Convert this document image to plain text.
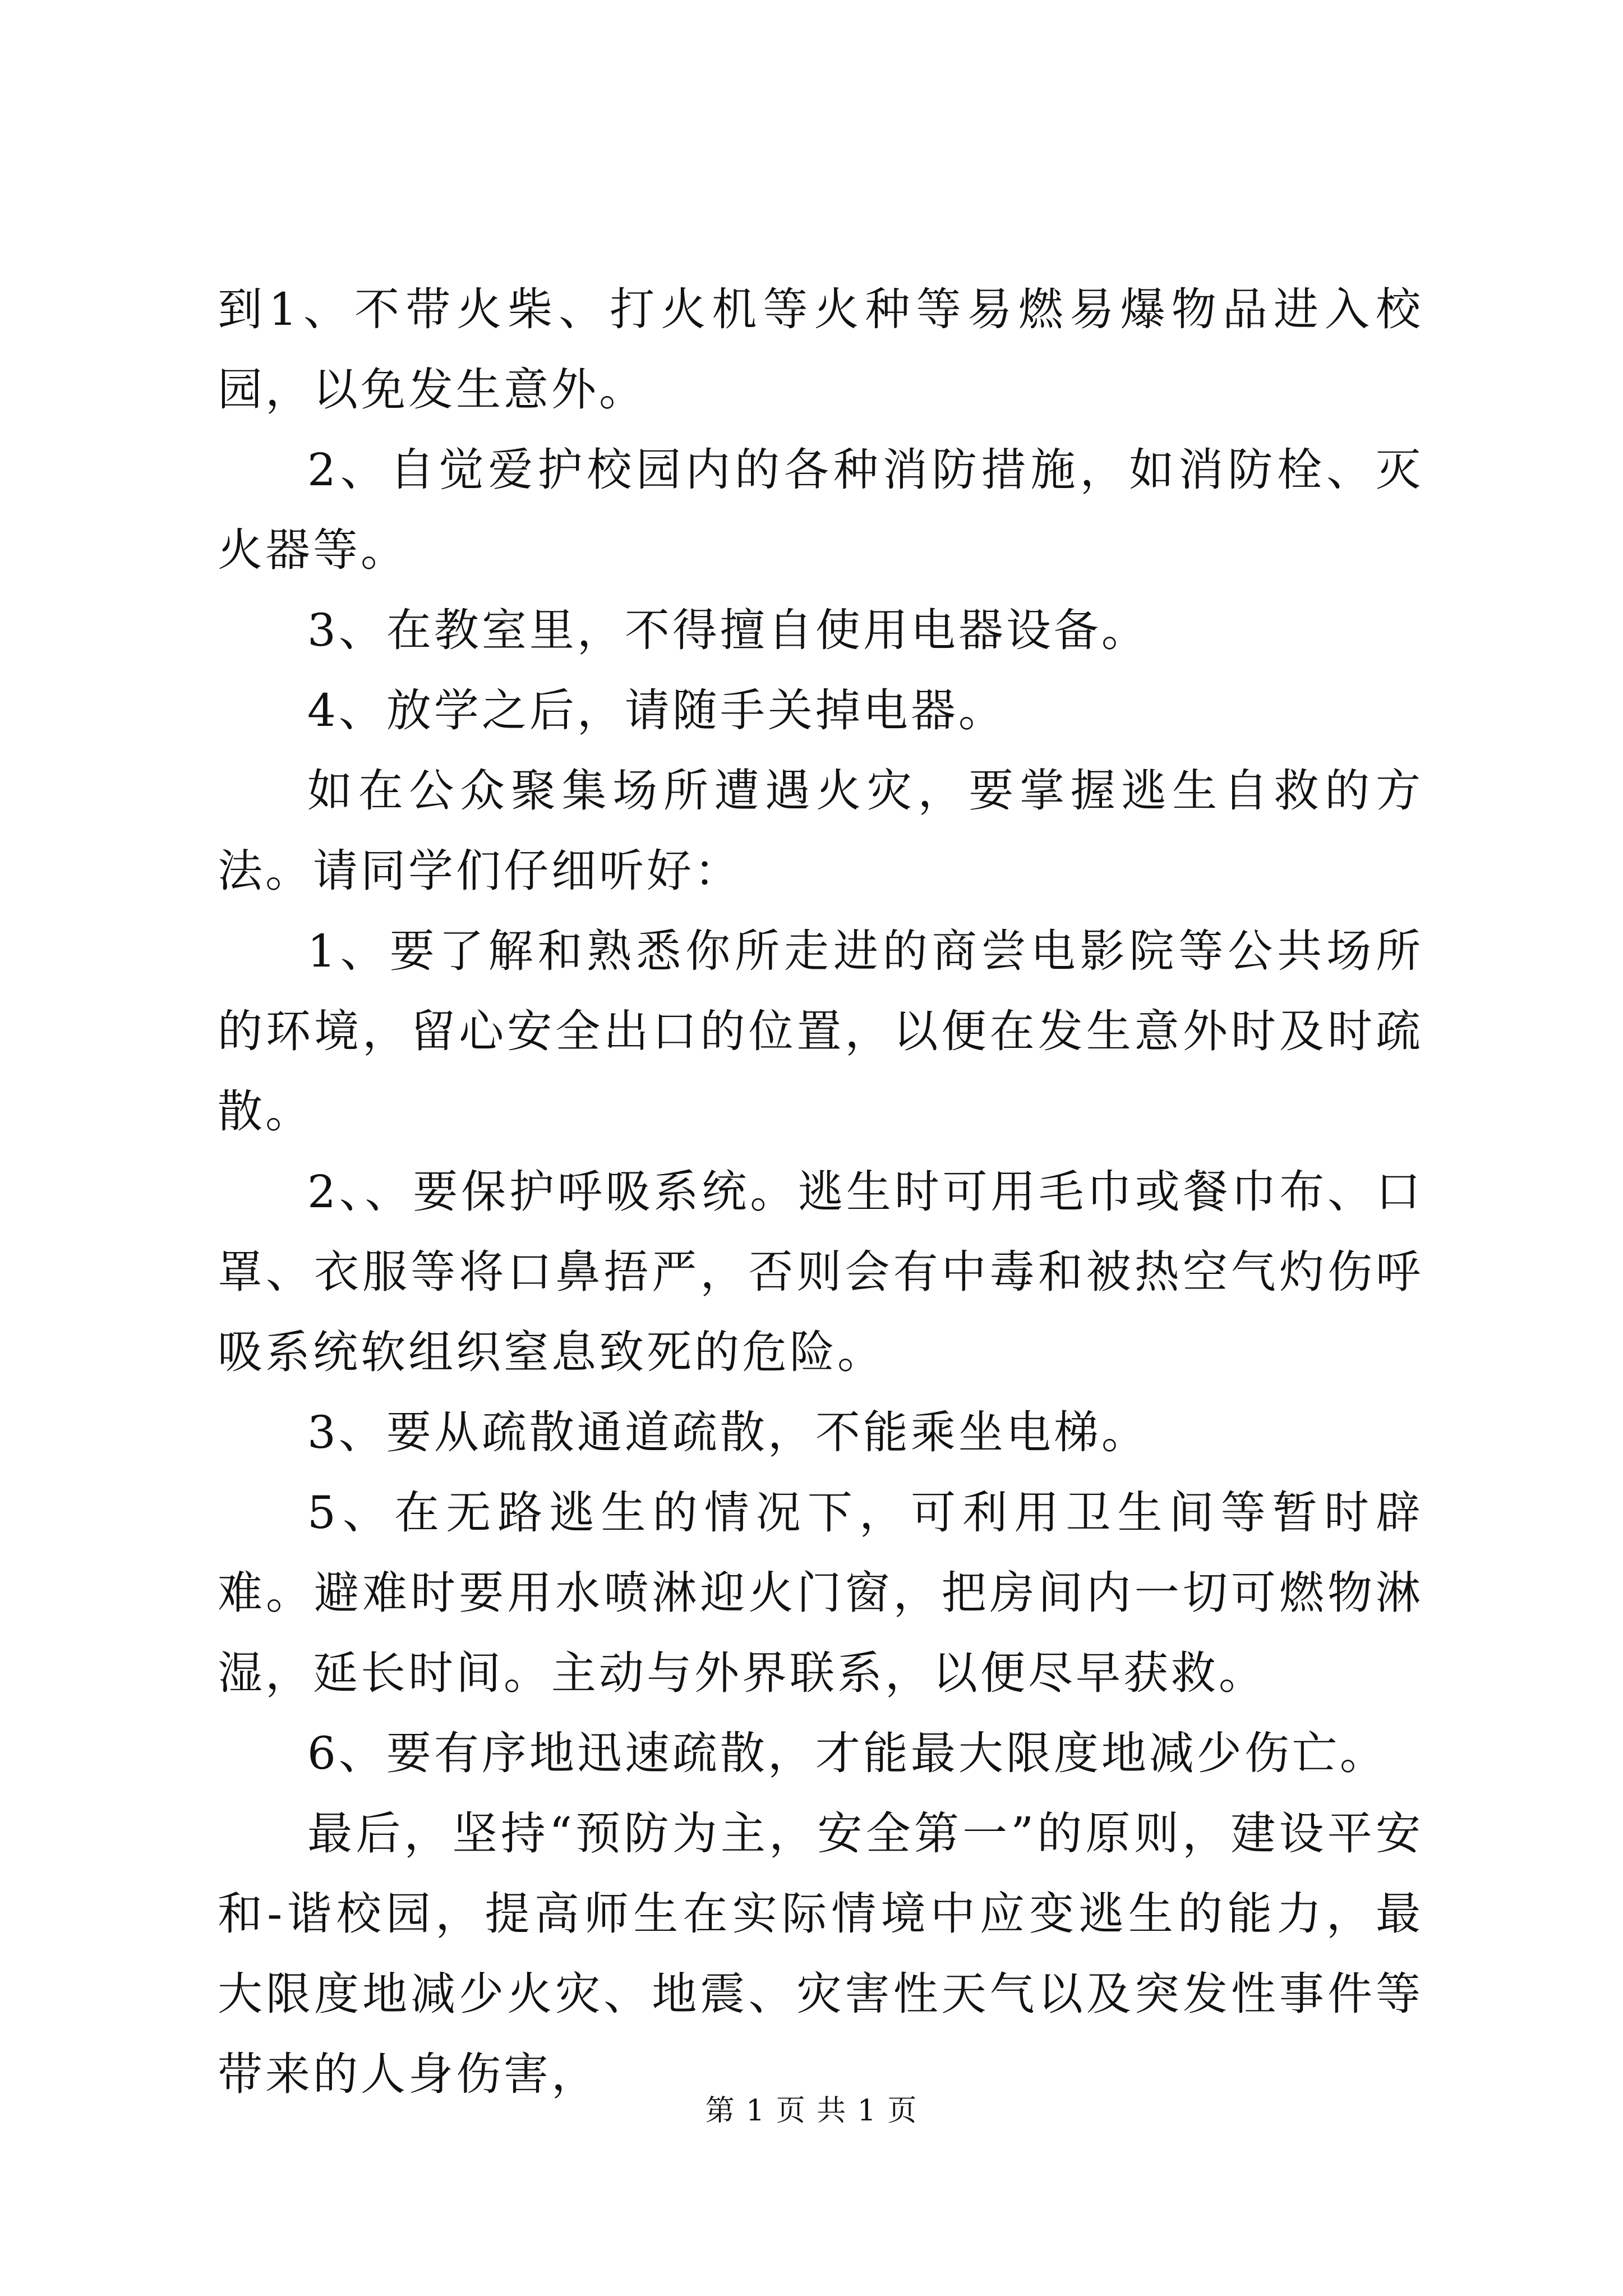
到1、不带火柴、打火机等火种等易燃易爆物品进入校园，以免发生意外。

2、自觉爱护校园内的各种消防措施，如消防栓、灭火器等。

3、在教室里，不得擅自使用电器设备。

4、放学之后，请随手关掉电器。

如在公众聚集场所遭遇火灾，要掌握逃生自救的方法。请同学们仔细听好：

1、要了解和熟悉你所走进的商尝电影院等公共场所的环境，留心安全出口的位置，以便在发生意外时及时疏散。

2、、要保护呼吸系统。逃生时可用毛巾或餐巾布、口罩、衣服等将口鼻捂严，否则会有中毒和被热空气灼伤呼吸系统软组织窒息致死的危险。

3、要从疏散通道疏散，不能乘坐电梯。

5、在无路逃生的情况下，可利用卫生间等暂时辟难。避难时要用水喷淋迎火门窗，把房间内一切可燃物淋湿，延长时间。主动与外界联系，以便尽早获救。

6、要有序地迅速疏散，才能最大限度地减少伤亡。

最后，坚持“预防为主，安全第一”的原则，建设平安和-谐校园，提高师生在实际情境中应变逃生的能力，最大限度地减少火灾、地震、灾害性天气以及突发性事件等带来的人身伤害，

第 1 页 共 1 页
